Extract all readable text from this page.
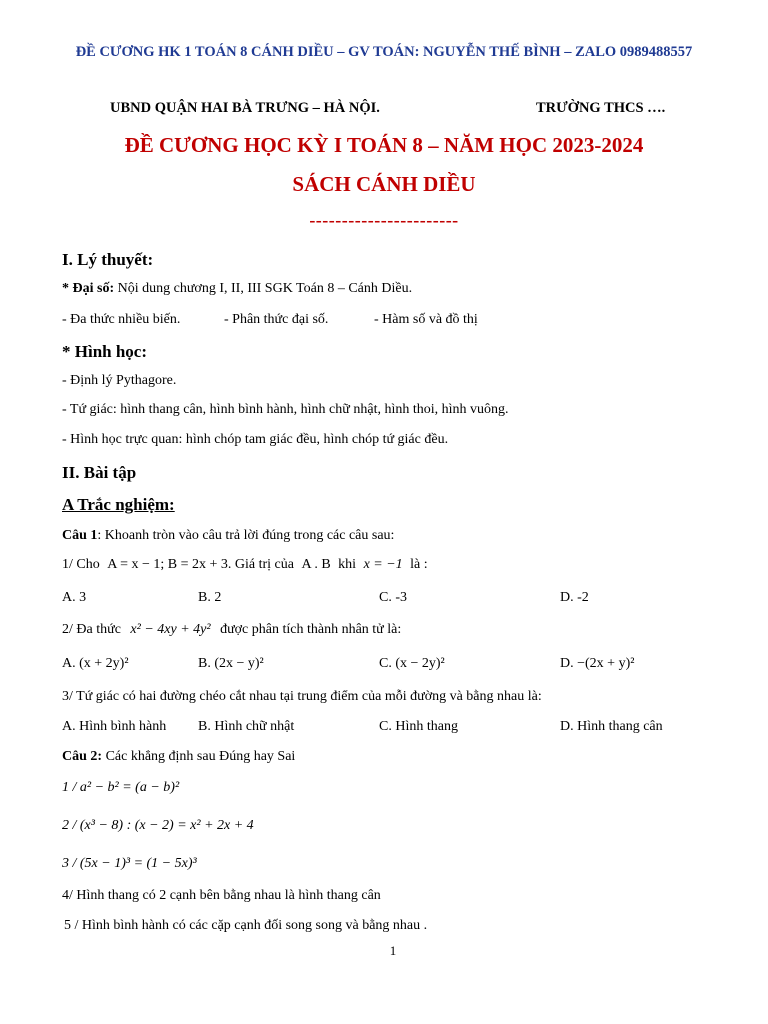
ĐỀ CƯƠNG HK 1 TOÁN 8 CÁNH DIỀU – GV TOÁN: NGUYỄN THẾ BÌNH – ZALO 0989488557
UBND QUẬN HAI BÀ TRƯNG – HÀ NỘI.	TRƯỜNG THCS ….
ĐỀ CƯƠNG HỌC KỲ I TOÁN 8 – NĂM HỌC 2023-2024
SÁCH CÁNH DIỀU
-----------------------
I. Lý thuyết:
* Đại số: Nội dung chương I, II, III SGK Toán 8 – Cánh Diều.
- Đa thức nhiều biến.	- Phân thức đại số.	- Hàm số và đồ thị
* Hình học:
- Định lý Pythagore.
- Tứ giác: hình thang cân, hình bình hành, hình chữ nhật, hình thoi, hình vuông.
- Hình học trực quan: hình chóp tam giác đều, hình chóp tứ giác đều.
II. Bài tập
A Trắc nghiệm:
Câu 1: Khoanh tròn vào câu trả lời đúng trong các câu sau:
1/ Cho A = x − 1; B = 2x + 3. Giá trị của A . B khi x = −1 là :
A. 3	B. 2	C. -3	D. -2
2/ Đa thức x² − 4xy + 4y² được phân tích thành nhân tử là:
A. (x + 2y)²	B. (2x − y)²	C. (x − 2y)²	D. −(2x + y)²
3/ Tứ giác có hai đường chéo cắt nhau tại trung điểm của mỗi đường và bằng nhau là:
A. Hình bình hành B. Hình chữ nhật	C. Hình thang	D. Hình thang cân
Câu 2: Các khẳng định sau Đúng hay Sai
1 / a² − b² = (a − b)²
2 / (x³ − 8) : (x − 2) = x² + 2x + 4
3 / (5x − 1)³ = (1 − 5x)³
4/ Hình thang có 2 cạnh bên bằng nhau là hình thang cân
5 / Hình bình hành có các cặp cạnh đối song song và bằng nhau .
1
